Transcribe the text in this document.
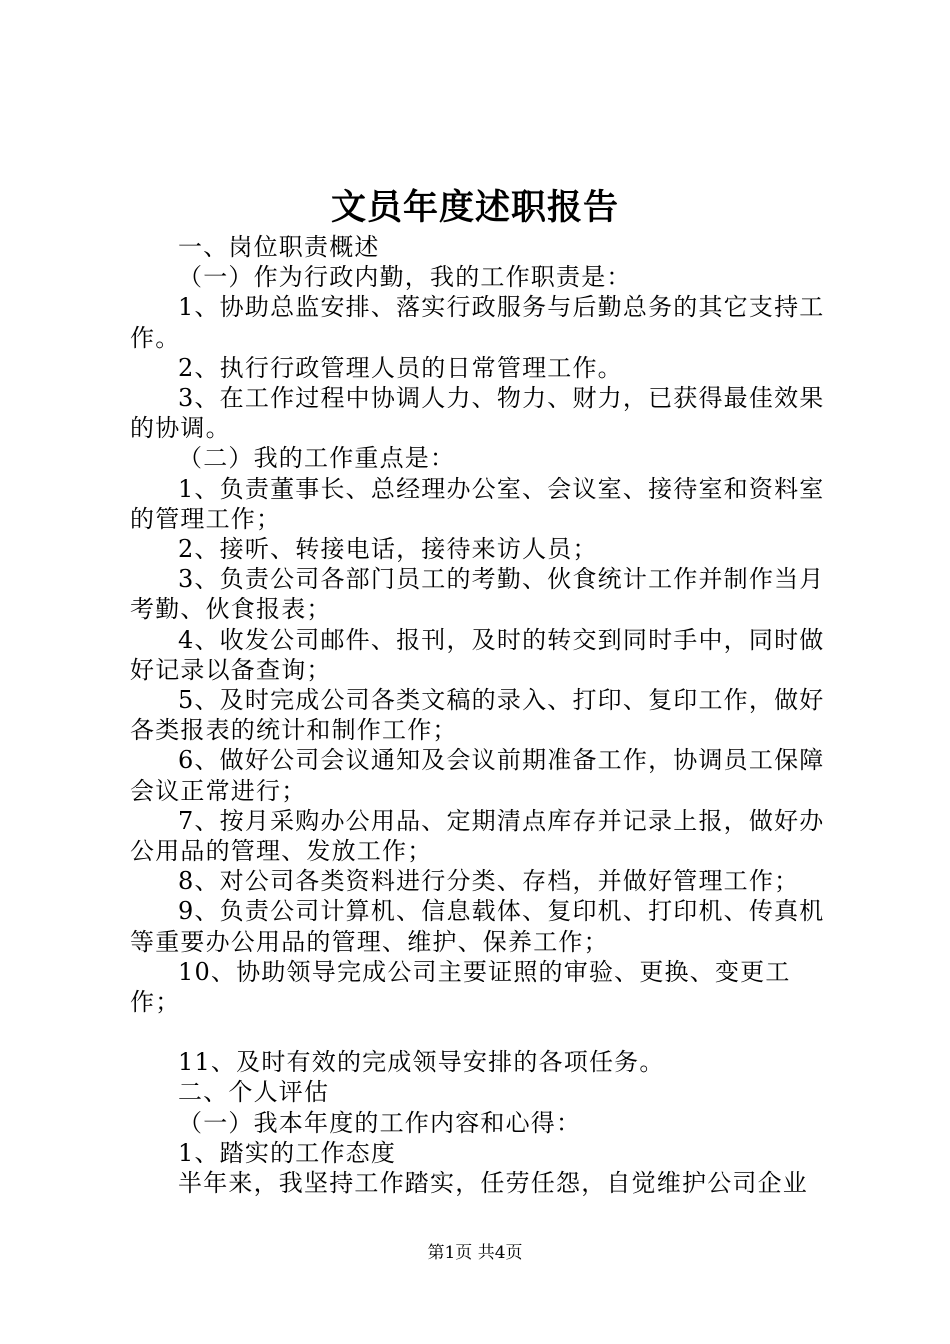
文员年度述职报告

一、岗位职责概述

（一）作为行政内勤，我的工作职责是：

1、协助总监安排、落实行政服务与后勤总务的其它支持工作。

2、执行行政管理人员的日常管理工作。

3、在工作过程中协调人力、物力、财力，已获得最佳效果的协调。

（二）我的工作重点是：

1、负责董事长、总经理办公室、会议室、接待室和资料室的管理工作；

2、接听、转接电话，接待来访人员；

3、负责公司各部门员工的考勤、伙食统计工作并制作当月考勤、伙食报表；

4、收发公司邮件、报刊，及时的转交到同时手中，同时做好记录以备查询；

5、及时完成公司各类文稿的录入、打印、复印工作，做好各类报表的统计和制作工作；

6、做好公司会议通知及会议前期准备工作，协调员工保障会议正常进行；

7、按月采购办公用品、定期清点库存并记录上报，做好办公用品的管理、发放工作；

8、对公司各类资料进行分类、存档，并做好管理工作；

9、负责公司计算机、信息载体、复印机、打印机、传真机等重要办公用品的管理、维护、保养工作；

10、协助领导完成公司主要证照的审验、更换、变更工作；

11、及时有效的完成领导安排的各项任务。

二、个人评估

（一）我本年度的工作内容和心得：

1、踏实的工作态度

半年来，我坚持工作踏实，任劳任怨，自觉维护公司企业

第1页 共4页
